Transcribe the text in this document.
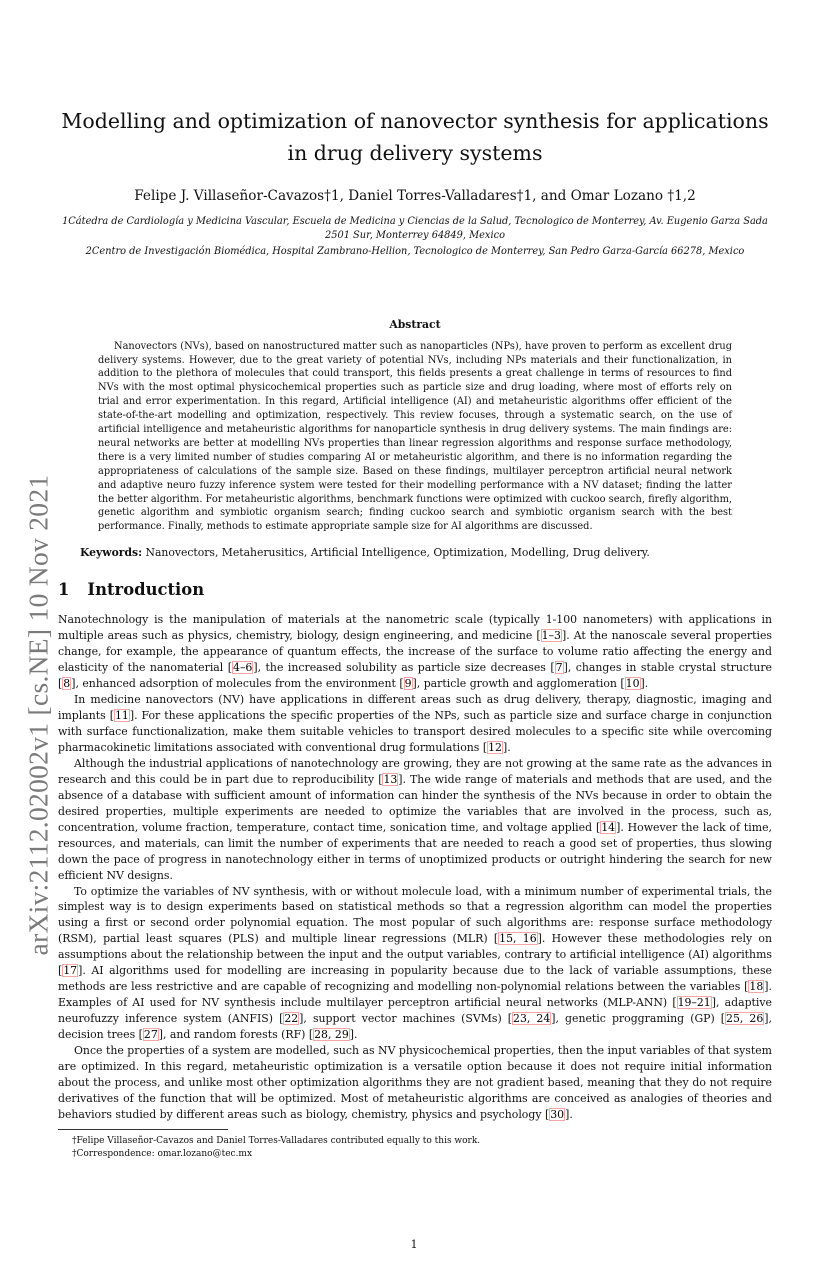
arXiv:2112.02002v1 [cs.NE] 10 Nov 2021
Modelling and optimization of nanovector synthesis for applications in drug delivery systems
Felipe J. Villaseñor-Cavazos†1, Daniel Torres-Valladares†1, and Omar Lozano †1,2

1Cátedra de Cardiología y Medicina Vascular, Escuela de Medicina y Ciencias de la Salud, Tecnologico de Monterrey, Av. Eugenio Garza Sada 2501 Sur, Monterrey 64849, Mexico

2Centro de Investigación Biomédica, Hospital Zambrano-Hellion, Tecnologico de Monterrey, San Pedro Garza-García 66278, Mexico

Abstract
Nanovectors (NVs), based on nanostructured matter such as nanoparticles (NPs), have proven to perform as excellent drug delivery systems. However, due to the great variety of potential NVs, including NPs materials and their functionalization, in addition to the plethora of molecules that could transport, this fields presents a great challenge in terms of resources to find NVs with the most optimal physicochemical properties such as particle size and drug loading, where most of efforts rely on trial and error experimentation. In this regard, Artificial intelligence (AI) and metaheuristic algorithms offer efficient of the state-of-the-art modelling and optimization, respectively. This review focuses, through a systematic search, on the use of artificial intelligence and metaheuristic algorithms for nanoparticle synthesis in drug delivery systems. The main findings are: neural networks are better at modelling NVs properties than linear regression algorithms and response surface methodology, there is a very limited number of studies comparing AI or metaheuristic algorithm, and there is no information regarding the appropriateness of calculations of the sample size. Based on these findings, multilayer perceptron artificial neural network and adaptive neuro fuzzy inference system were tested for their modelling performance with a NV dataset; finding the latter the better algorithm. For metaheuristic algorithms, benchmark functions were optimized with cuckoo search, firefly algorithm, genetic algorithm and symbiotic organism search; finding cuckoo search and symbiotic organism search with the best performance. Finally, methods to estimate appropriate sample size for AI algorithms are discussed.
Keywords: Nanovectors, Metaherusitics, Artificial Intelligence, Optimization, Modelling, Drug delivery.
1 Introduction

Nanotechnology is the manipulation of materials at the nanometric scale (typically 1-100 nanometers) with applications in multiple areas such as physics, chemistry, biology, design engineering, and medicine [1–3]. At the nanoscale several properties change, for example, the appearance of quantum effects, the increase of the surface to volume ratio affecting the energy and elasticity of the nanomaterial [4–6], the increased solubility as particle size decreases [7], changes in stable crystal structure [8], enhanced adsorption of molecules from the environment [9], particle growth and agglomeration [10].

In medicine nanovectors (NV) have applications in different areas such as drug delivery, therapy, diagnostic, imaging and implants [11]. For these applications the specific properties of the NPs, such as particle size and surface charge in conjunction with surface functionalization, make them suitable vehicles to transport desired molecules to a specific site while overcoming pharmacokinetic limitations associated with conventional drug formulations [12].

Although the industrial applications of nanotechnology are growing, they are not growing at the same rate as the advances in research and this could be in part due to reproducibility [13]. The wide range of materials and methods that are used, and the absence of a database with sufficient amount of information can hinder the synthesis of the NVs because in order to obtain the desired properties, multiple experiments are needed to optimize the variables that are involved in the process, such as, concentration, volume fraction, temperature, contact time, sonication time, and voltage applied [14]. However the lack of time, resources, and materials, can limit the number of experiments that are needed to reach a good set of properties, thus slowing down the pace of progress in nanotechnology either in terms of unoptimized products or outright hindering the search for new efficient NV designs.

To optimize the variables of NV synthesis, with or without molecule load, with a minimum number of experimental trials, the simplest way is to design experiments based on statistical methods so that a regression algorithm can model the properties using a first or second order polynomial equation. The most popular of such algorithms are: response surface methodology (RSM), partial least squares (PLS) and multiple linear regressions (MLR) [15, 16]. However these methodologies rely on assumptions about the relationship between the input and the output variables, contrary to artificial intelligence (AI) algorithms [17]. AI algorithms used for modelling are increasing in popularity because due to the lack of variable assumptions, these methods are less restrictive and are capable of recognizing and modelling non-polynomial relations between the variables [18]. Examples of AI used for NV synthesis include multilayer perceptron artificial neural networks (MLP-ANN) [19–21], adaptive neurofuzzy inference system (ANFIS) [22], support vector machines (SVMs) [23, 24], genetic proggraming (GP) [25, 26], decision trees [27], and random forests (RF) [28, 29].

Once the properties of a system are modelled, such as NV physicochemical properties, then the input variables of that system are optimized. In this regard, metaheuristic optimization is a versatile option because it does not require initial information about the process, and unlike most other optimization algorithms they are not gradient based, meaning that they do not require derivatives of the function that will be optimized. Most of metaheuristic algorithms are conceived as analogies of theories and behaviors studied by different areas such as biology, chemistry, physics and psychology [30].

†Felipe Villaseñor-Cavazos and Daniel Torres-Valladares contributed equally to this work.
†Correspondence: omar.lozano@tec.mx
1
